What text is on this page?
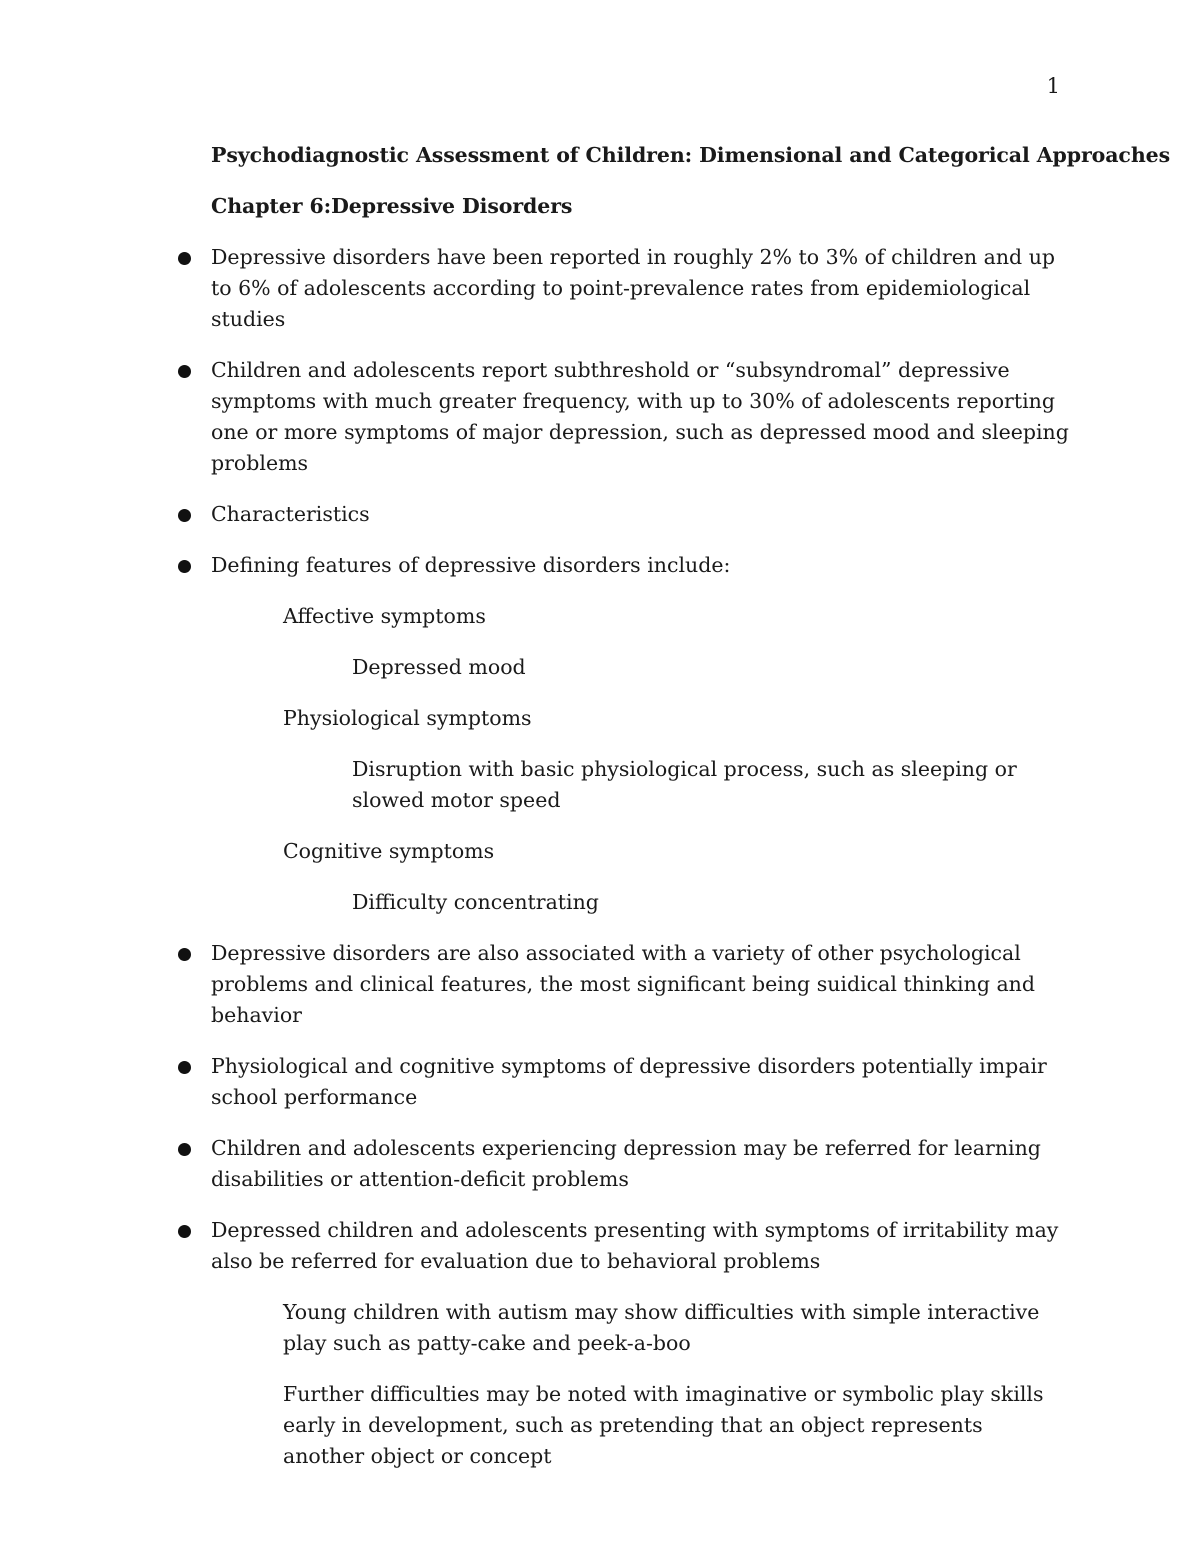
1
Psychodiagnostic Assessment of Children: Dimensional and Categorical Approaches
Chapter 6:Depressive Disorders
Depressive disorders have been reported in roughly 2% to 3% of children and up to 6% of adolescents according to point-prevalence rates from epidemiological studies
Children and adolescents report subthreshold or “subsyndromal” depressive symptoms with much greater frequency, with up to 30% of adolescents reporting one or more symptoms of major depression, such as depressed mood and sleeping problems
Characteristics
Defining features of depressive disorders include:
Affective symptoms
Depressed mood
Physiological symptoms
Disruption with basic physiological process, such as sleeping or slowed motor speed
Cognitive symptoms
Difficulty concentrating
Depressive disorders are also associated with a variety of other psychological problems and clinical features, the most significant being suidical thinking and behavior
Physiological and cognitive symptoms of depressive disorders potentially impair school performance
Children and adolescents experiencing depression may be referred for learning disabilities or attention-deficit problems
Depressed children and adolescents presenting with symptoms of irritability may also be referred for evaluation due to behavioral problems
Young children with autism may show difficulties with simple interactive play such as patty-cake and peek-a-boo
Further difficulties may be noted with imaginative or symbolic play skills early in development, such as pretending that an object represents another object or concept
